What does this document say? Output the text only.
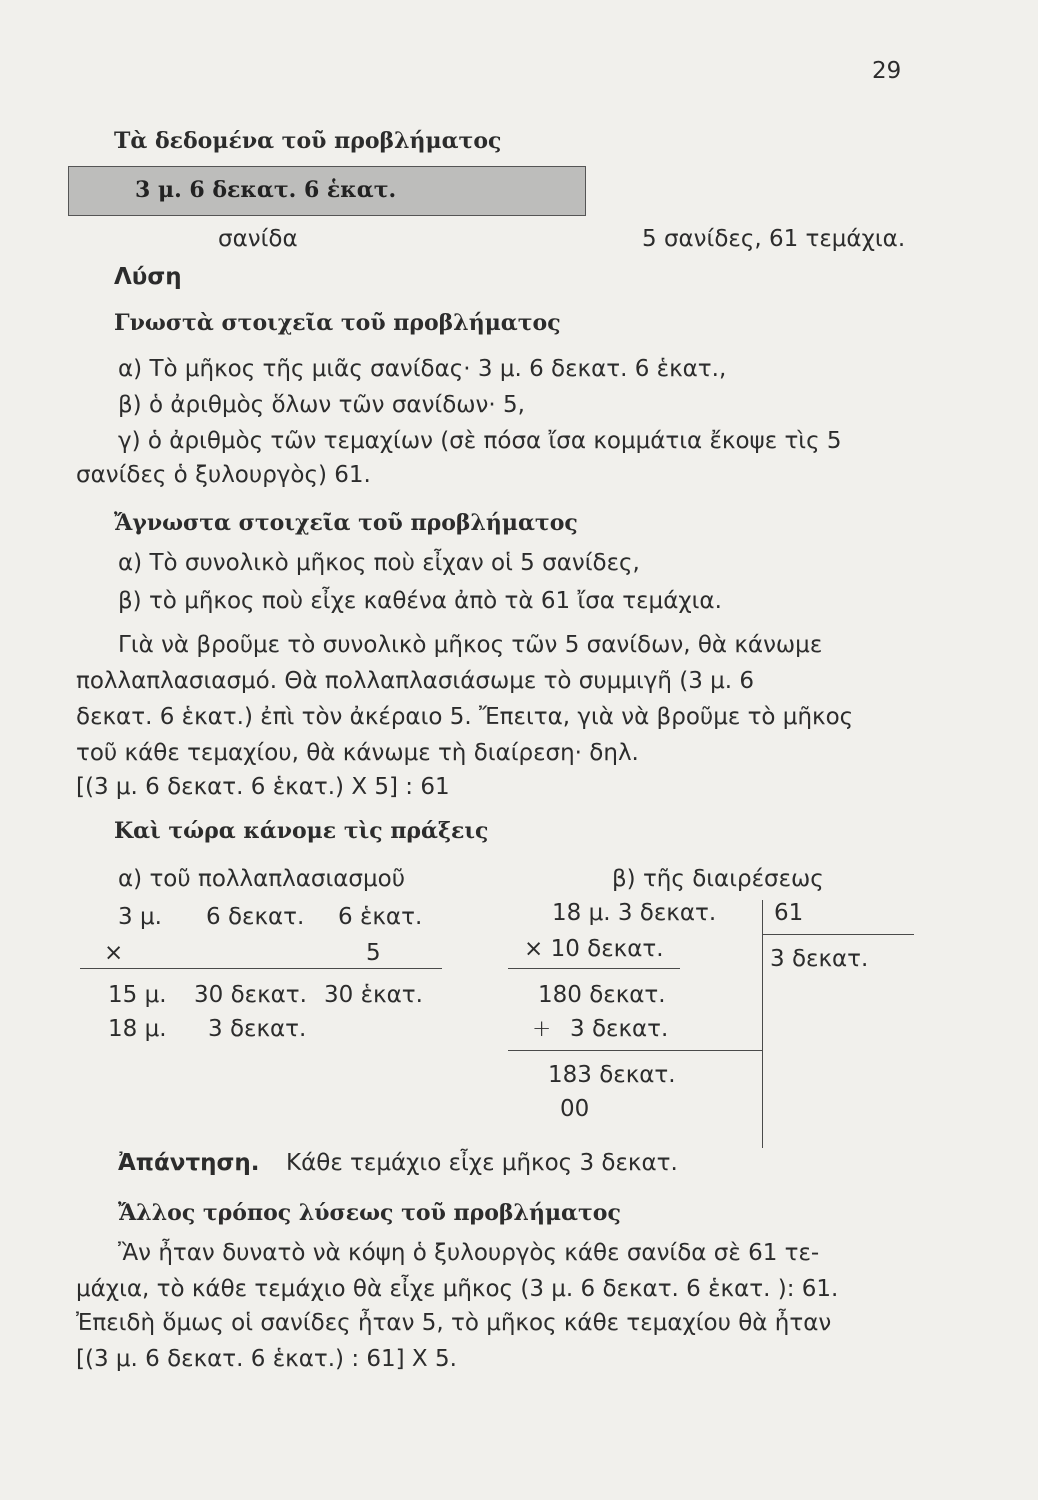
29
Τὰ δεδομένα τοῦ προβλήματος
3 μ. 6 δεκατ. 6 ἑκατ.
σανίδα	5 σανίδες, 61 τεμάχια.
Λύση
Γνωστὰ στοιχεῖα τοῦ προβλήματος
α) Τὸ μῆκος τῆς μιᾶς σανίδας· 3 μ. 6 δεκατ. 6 ἑκατ.,
β) ὁ ἀριθμὸς ὅλων τῶν σανίδων· 5,
γ) ὁ ἀριθμὸς τῶν τεμαχίων (σὲ πόσα ἴσα κομμάτια ἔκοψε τὶς 5
σανίδες ὁ ξυλουργὸς) 61.
Ἄγνωστα στοιχεῖα τοῦ προβλήματος
α) Τὸ συνολικὸ μῆκος ποὺ εἶχαν οἱ 5 σανίδες,
β) τὸ μῆκος ποὺ εἶχε καθένα ἀπὸ τὰ 61 ἴσα τεμάχια.
Γιὰ νὰ βροῦμε τὸ συνολικὸ μῆκος τῶν 5 σανίδων, θὰ κάνωμε
πολλαπλασιασμό. Θὰ πολλαπλασιάσωμε τὸ συμμιγῆ (3 μ. 6
δεκατ. 6 ἑκατ.) ἐπὶ τὸν ἀκέραιο 5. Ἔπειτα, γιὰ νὰ βροῦμε τὸ μῆκος
τοῦ κάθε τεμαχίου, θὰ κάνωμε τὴ διαίρεση· δηλ.
[(3 μ. 6 δεκατ. 6 ἑκατ.) Χ 5] : 61
Καὶ τώρα κάνομε τὶς πράξεις
α) τοῦ πολλαπλασιασμοῦ
3 μ. 6 δεκατ. 6 ἑκατ.
×	5
15 μ. 30 δεκατ. 30 ἑκατ.
18 μ. 3 δεκατ.
β) τῆς διαιρέσεως
18 μ. 3 δεκατ.	61
3 δεκατ.
× 10 δεκατ.
180 δεκατ.
+ 3 δεκατ.
183 δεκατ.
00
Ἀπάντηση. Κάθε τεμάχιο εἶχε μῆκος 3 δεκατ.
Ἄλλος τρόπος λύσεως τοῦ προβλήματος
Ἂν ἦταν δυνατὸ νὰ κόψη ὁ ξυλουργὸς κάθε σανίδα σὲ 61 τε-
μάχια, τὸ κάθε τεμάχιο θὰ εἶχε μῆκος (3 μ. 6 δεκατ. 6 ἑκατ. ): 61.
Ἐπειδὴ ὅμως οἱ σανίδες ἦταν 5, τὸ μῆκος κάθε τεμαχίου θὰ ἦταν
[(3 μ. 6 δεκατ. 6 ἑκατ.) : 61] Χ 5.
